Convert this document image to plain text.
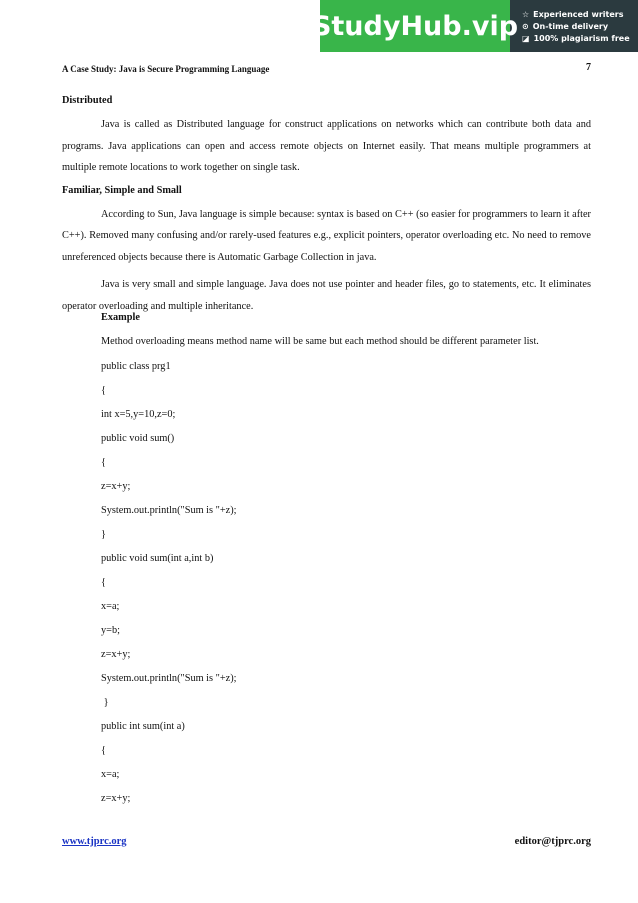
StudyHub.vip ☆ Experienced writers
⊙ On-time delivery
◪ 100% plagiarism free
A Case Study: Java is Secure Programming Language	7

Distributed

Java is called as Distributed language for construct applications on networks which can contribute both data and programs. Java applications can open and access remote objects on Internet easily. That means multiple programmers at multiple remote locations to work together on single task.

Familiar, Simple and Small

According to Sun, Java language is simple because: syntax is based on C++ (so easier for programmers to learn it after C++). Removed many confusing and/or rarely-used features e.g., explicit pointers, operator overloading etc. No need to remove unreferenced objects because there is Automatic Garbage Collection in java.

Java is very small and simple language. Java does not use pointer and header files, go to statements, etc. It eliminates operator overloading and multiple inheritance.

Example
Method overloading means method name will be same but each method should be different parameter list.
public class prg1
{
int x=5,y=10,z=0;
public void sum()
{
z=x+y;
System.out.println("Sum is "+z);
}
public void sum(int a,int b)
{
x=a;
y=b;
z=x+y;
System.out.println("Sum is "+z);
}
public int sum(int a)
{
x=a;
z=x+y;
www.tjprc.org	editor@tjprc.org
